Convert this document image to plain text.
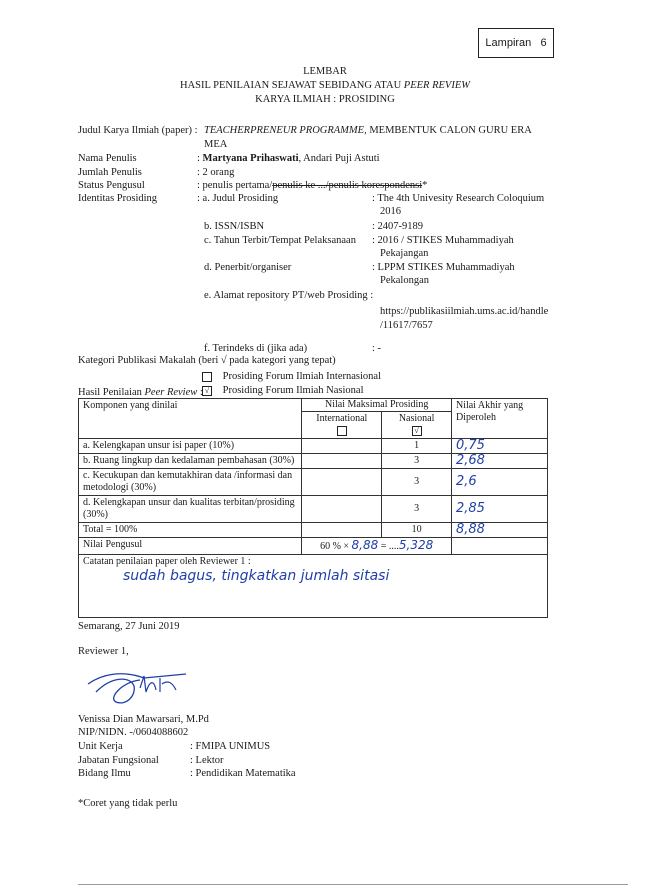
Lampiran   6
LEMBAR
HASIL PENILAIAN SEJAWAT SEBIDANG ATAU PEER REVIEW
KARYA ILMIAH : PROSIDING
Judul Karya Ilmiah (paper) : TEACHERPRENEUR PROGRAMME, MEMBENTUK CALON GURU ERA
MEA
Nama Penulis	: Martyana Prihaswati, Andari Puji Astuti
Jumlah Penulis	: 2 orang
Status Pengusul	: penulis pertama/penulis ke .../penulis korespondensi*
Identitas Prosiding	: a. Judul Prosiding	: The 4th Univesity Research Coloquium
2016
b. ISSN/ISBN	: 2407-9189
c. Tahun Terbit/Tempat Pelaksanaan : 2016 / STIKES Muhammadiyah
Pekajangan
d. Penerbit/organiser	: LPPM STIKES Muhammadiyah
Pekalongan
e. Alamat repository PT/web Prosiding :
https://publikasiilmiah.ums.ac.id/handle
/11617/7657
f. Terindeks di (jika ada)	: -
Kategori Publikasi Makalah (beri √ pada kategori yang tepat)
Prosiding Forum Ilmiah Internasional
√ Prosiding Forum Ilmiah Nasional
Hasil Penilaian Peer Review :
Komponen yang dinilai	Nilai Maksimal Prosiding		Nilai Akhir yang Diperoleh

	International	Nasional
√	
a. Kelengkapan unsur isi paper (10%)		1	0,75
b. Ruang lingkup dan kedalaman pembahasan (30%)		3	2,68
c. Kecukupan dan kemutakhiran data /informasi dan metodologi (30%)		3	2,6
d. Kelengkapan unsur dan kualitas terbitan/prosiding (30%)		3	2,85
Total = 100%		10	8,88
Nilai Pengusul	60 % × 8,88 = ....5,328		

Catatan penilaian paper oleh Reviewer 1 :
sudah bagus, tingkatkan jumlah sitasi			
Semarang, 27 Juni 2019
Reviewer 1,
Venissa Dian Mawarsari, M.Pd
NIP/NIDN. -/0604088602
Unit Kerja	: FMIPA UNIMUS
Jabatan Fungsional	: Lektor
Bidang Ilmu	: Pendidikan Matematika
*Coret yang tidak perlu
